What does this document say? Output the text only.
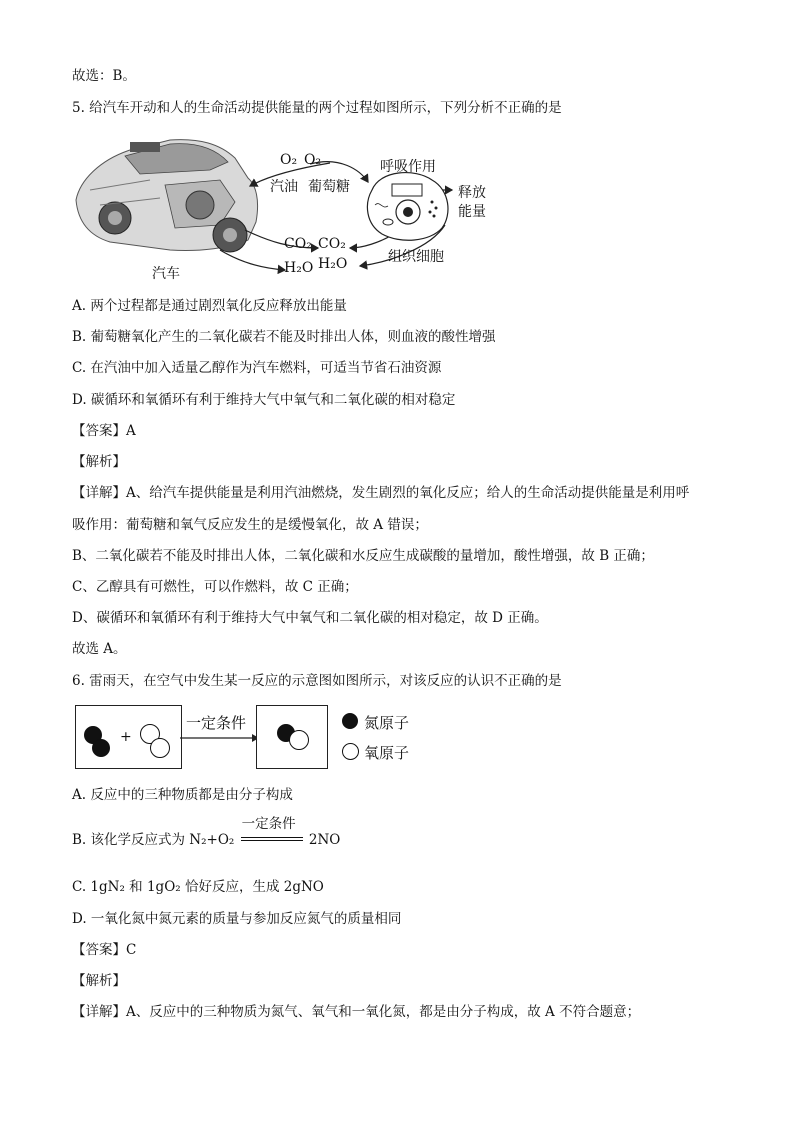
故选：B。
5. 给汽车开动和人的生命活动提供能量的两个过程如图所示，下列分析不正确的是
O₂ O₂
汽油 葡萄糖
呼吸作用
释放
能量
CO₂ CO₂
H₂O H₂O	组织细胞
汽车
A. 两个过程都是通过剧烈氧化反应释放出能量
B. 葡萄糖氧化产生的二氧化碳若不能及时排出人体，则血液的酸性增强
C. 在汽油中加入适量乙醇作为汽车燃料，可适当节省石油资源
D. 碳循环和氧循环有利于维持大气中氧气和二氧化碳的相对稳定
【答案】A
【解析】
【详解】A、给汽车提供能量是利用汽油燃烧，发生剧烈的氧化反应；给人的生命活动提供能量是利用呼
吸作用：葡萄糖和氧气反应发生的是缓慢氧化，故 A 错误；
B、二氧化碳若不能及时排出人体，二氧化碳和水反应生成碳酸的量增加，酸性增强，故 B 正确；
C、乙醇具有可燃性，可以作燃料，故 C 正确；
D、碳循环和氧循环有利于维持大气中氧气和二氧化碳的相对稳定，故 D 正确。
故选 A。
6. 雷雨天，在空气中发生某一反应的示意图如图所示，对该反应的认识不正确的是
+
一定条件	氮原子
氧原子
A. 反应中的三种物质都是由分子构成
B. 该化学反应式为 N₂+O₂
一定条件
2NO
C. 1gN₂ 和 1gO₂ 恰好反应，生成 2gNO
D. 一氧化氮中氮元素的质量与参加反应氮气的质量相同
【答案】C
【解析】
【详解】A、反应中的三种物质为氮气、氧气和一氧化氮，都是由分子构成，故 A 不符合题意；
